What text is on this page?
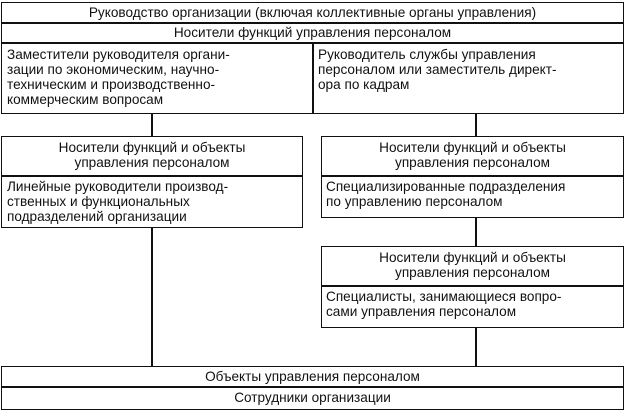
Руководство организации (включая коллективные органы управления)

Носители функций управления персоналом

Заместители руководителя органи-
зации по экономическим, научно-
техническим и производственно-
коммерческим вопросам

Руководитель службы управления
персоналом или заместитель директ-
ора по кадрам

Носители функций и объекты
управления персоналом

Линейные руководители производ-
ственных и функциональных
подразделений организации

Носители функций и объекты
управления персоналом

Специализированные подразделения
по управлению персоналом

Носители функций и объекты
управления персоналом

Специалисты, занимающиеся вопро-
сами управления персоналом

Объекты управления персоналом

Сотрудники организации
